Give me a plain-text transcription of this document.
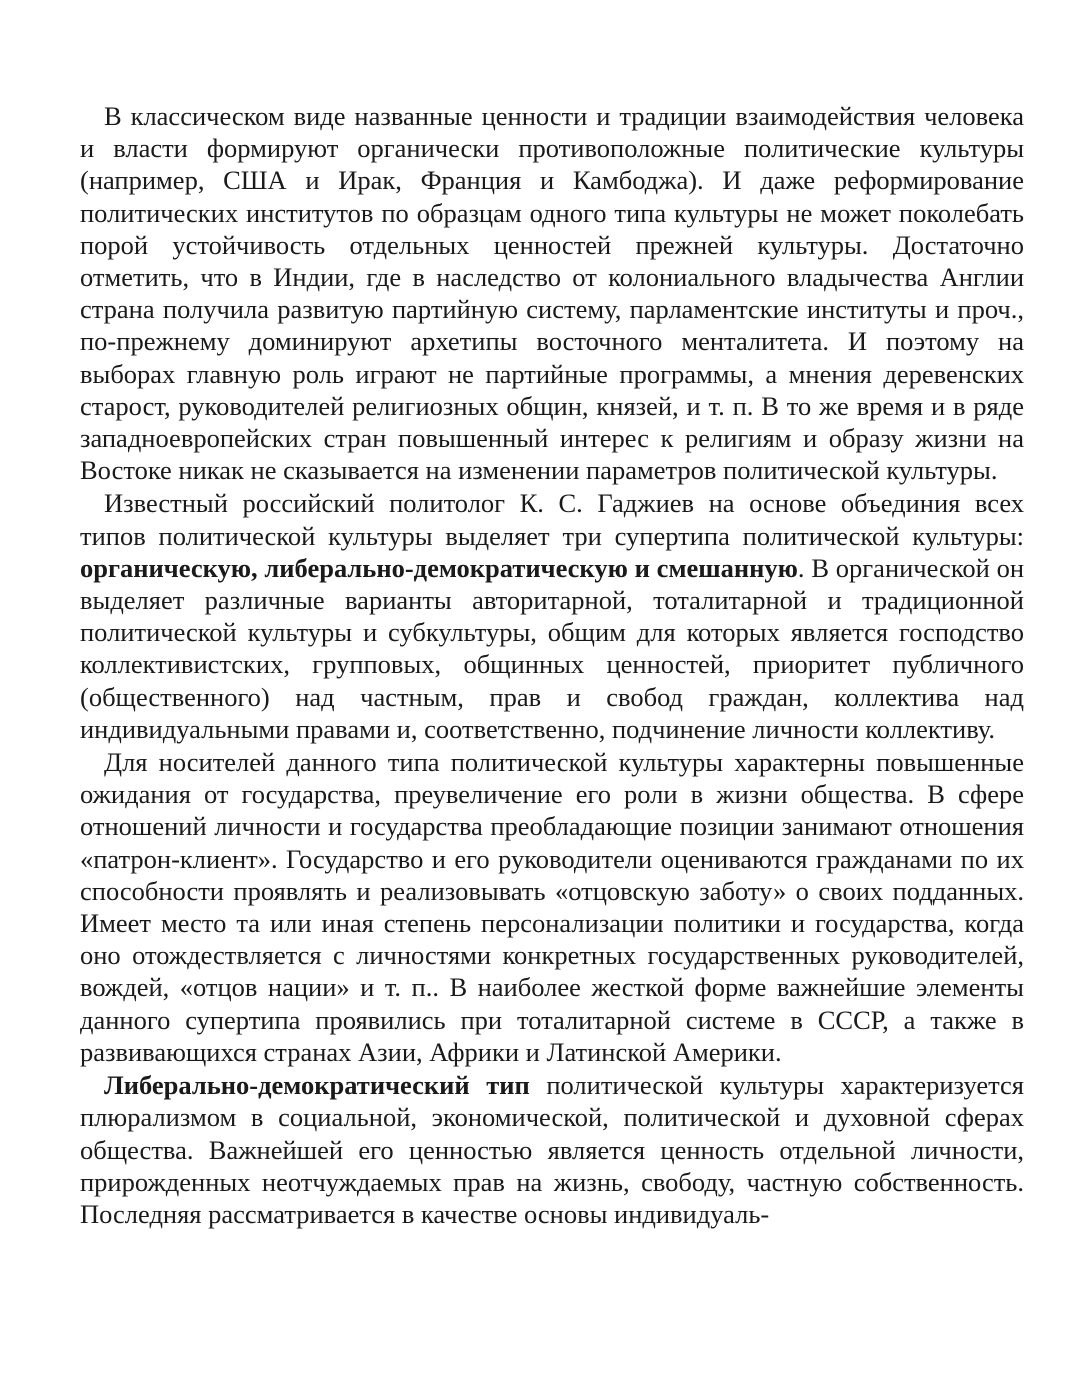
В классическом виде названные ценности и традиции взаимодействия человека и власти формируют органически противоположные политические культуры (например, США и Ирак, Франция и Камбоджа). И даже реформирование политических институтов по образцам одного типа культуры не может поколебать порой устойчивость отдельных ценностей прежней культуры. Достаточно отметить, что в Индии, где в наследство от колониального владычества Англии страна получила развитую партийную систему, парламентские институты и проч., по-прежнему доминируют архетипы восточного менталитета. И поэтому на выборах главную роль играют не партийные программы, а мнения деревенских старост, руководителей религиозных общин, князей, и т. п. В то же время и в ряде западноевропейских стран повышенный интерес к религиям и образу жизни на Востоке никак не сказывается на изменении параметров политической культуры.

Известный российский политолог К. С. Гаджиев на основе объединия всех типов политической культуры выделяет три супертипа политической культуры: органическую, либерально-демократическую и смешанную. В органической он выделяет различные варианты авторитарной, тоталитарной и традиционной политической культуры и субкультуры, общим для которых является господство коллективистских, групповых, общинных ценностей, приоритет публичного (общественного) над частным, прав и свобод граждан, коллектива над индивидуальными правами и, соответственно, подчинение личности коллективу.

Для носителей данного типа политической культуры характерны повышенные ожидания от государства, преувеличение его роли в жизни общества. В сфере отношений личности и государства преобладающие позиции занимают отношения «патрон-клиент». Государство и его руководители оцениваются гражданами по их способности проявлять и реализовывать «отцовскую заботу» о своих подданных. Имеет место та или иная степень персонализации политики и государства, когда оно отождествляется с личностями конкретных государственных руководителей, вождей, «отцов нации» и т. п.. В наиболее жесткой форме важнейшие элементы данного супертипа проявились при тоталитарной системе в СССР, а также в развивающихся странах Азии, Африки и Латинской Америки.

Либерально-демократический тип политической культуры характеризуется плюрализмом в социальной, экономической, политической и духовной сферах общества. Важнейшей его ценностью является ценность отдельной личности, прирожденных неотчуждаемых прав на жизнь, свободу, частную собственность. Последняя рассматривается в качестве основы индивидуаль-
